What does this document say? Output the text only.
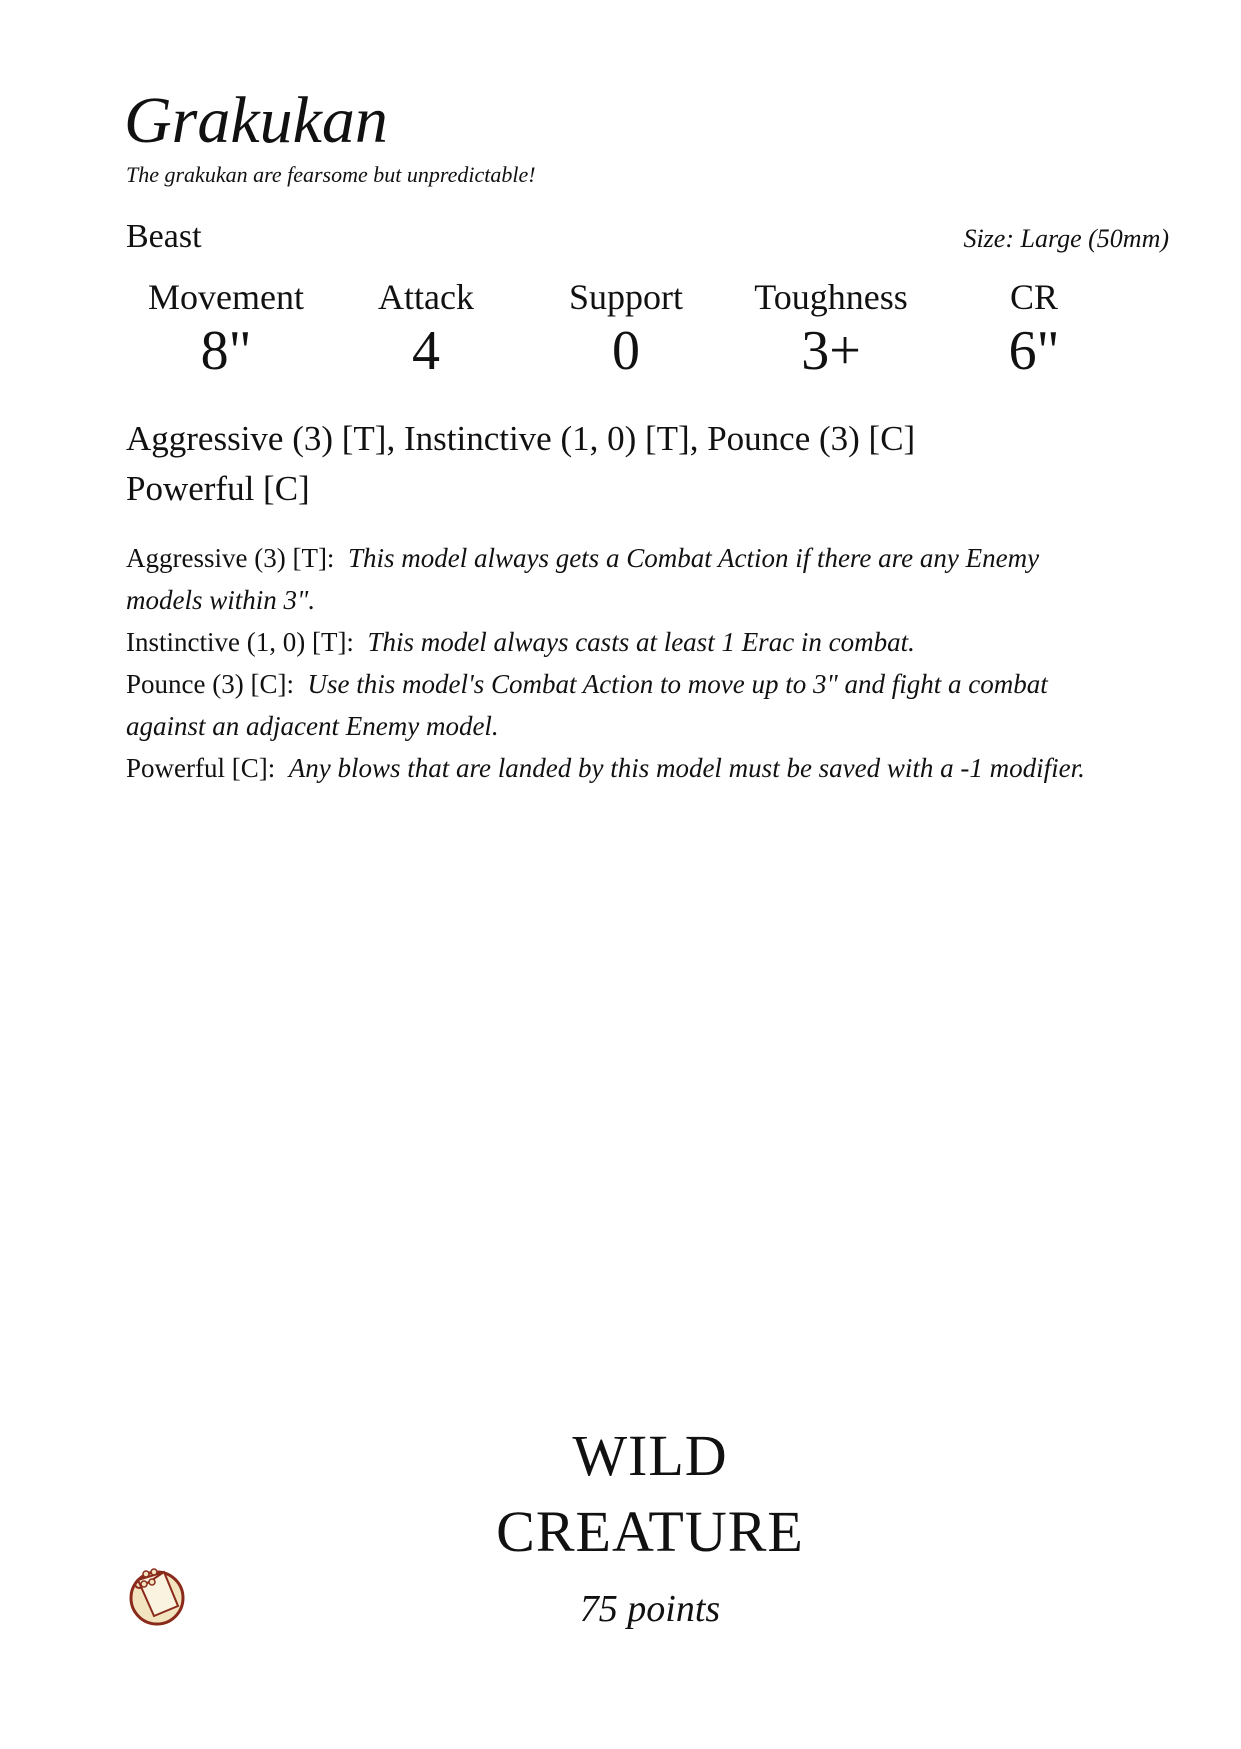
Grakukan
The grakukan are fearsome but unpredictable!
Beast	Size: Large (50mm)
Movement
8"
Attack
4
Support
0
Toughness
3+
CR
6"
Aggressive (3) [T], Instinctive (1, 0) [T], Pounce (3) [C]
Powerful [C]
Aggressive (3) [T]: This model always gets a Combat Action if there are any Enemy models within 3".
Instinctive (1, 0) [T]: This model always casts at least 1 Erac in combat.
Pounce (3) [C]: Use this model's Combat Action to move up to 3" and fight a combat against an adjacent Enemy model.
Powerful [C]: Any blows that are landed by this model must be saved with a -1 modifier.
WILD
CREATURE
75 points
